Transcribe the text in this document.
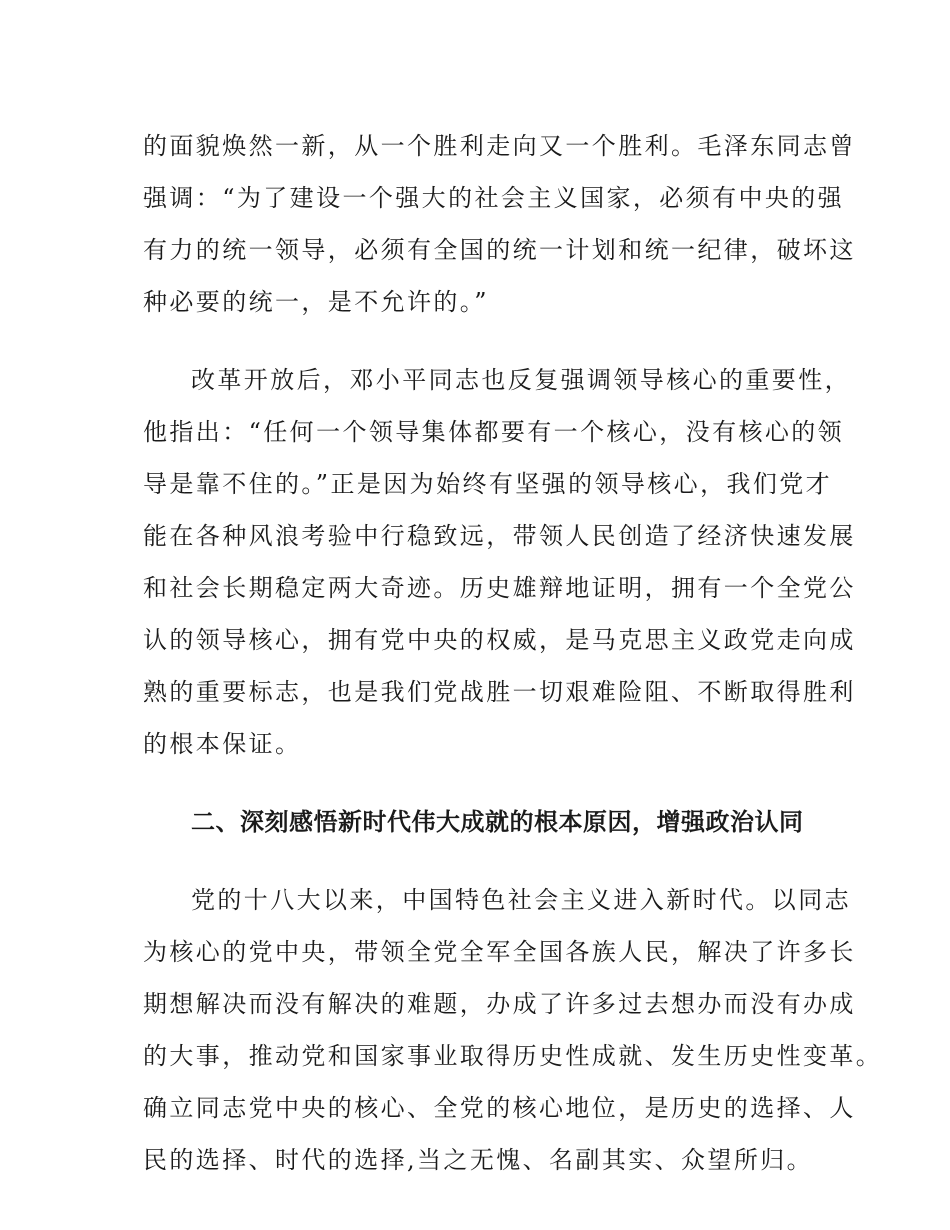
的面貌焕然一新，从一个胜利走向又一个胜利。毛泽东同志曾
强调：“为了建设一个强大的社会主义国家，必须有中央的强
有力的统一领导，必须有全国的统一计划和统一纪律，破坏这
种必要的统一，是不允许的。”
改革开放后，邓小平同志也反复强调领导核心的重要性，
他指出：“任何一个领导集体都要有一个核心，没有核心的领
导是靠不住的。”正是因为始终有坚强的领导核心，我们党才
能在各种风浪考验中行稳致远，带领人民创造了经济快速发展
和社会长期稳定两大奇迹。历史雄辩地证明，拥有一个全党公
认的领导核心，拥有党中央的权威，是马克思主义政党走向成
熟的重要标志，也是我们党战胜一切艰难险阻、不断取得胜利
的根本保证。
二、深刻感悟新时代伟大成就的根本原因，增强政治认同
党的十八大以来，中国特色社会主义进入新时代。以同志
为核心的党中央，带领全党全军全国各族人民，解决了许多长
期想解决而没有解决的难题，办成了许多过去想办而没有办成
的大事，推动党和国家事业取得历史性成就、发生历史性变革。
确立同志党中央的核心、全党的核心地位，是历史的选择、人
民的选择、时代的选择,当之无愧、名副其实、众望所归。
